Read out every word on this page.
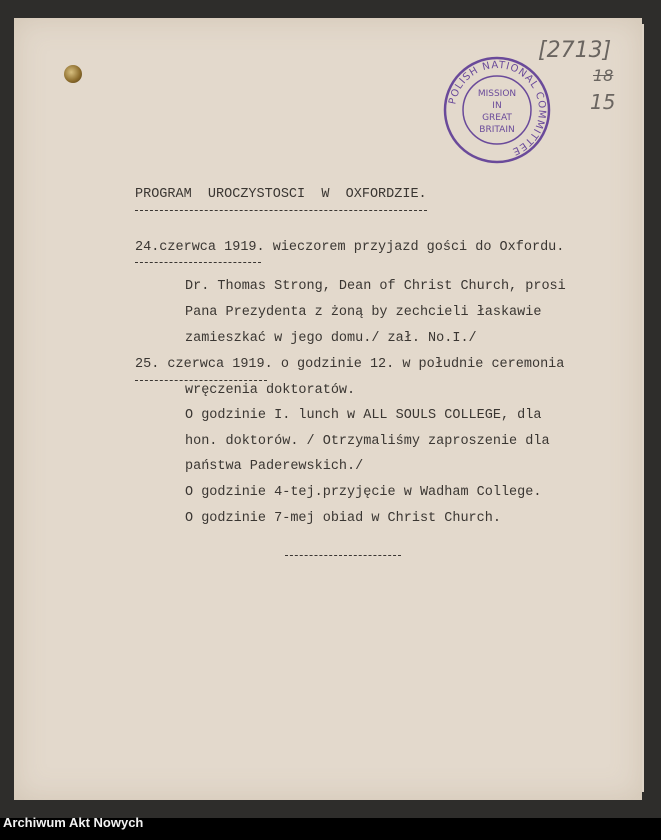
POLISH NATIONAL COMMITTEE
MISSION
IN
GREAT
BRITAIN
[2713]
18
15
PROGRAM  UROCZYSTOSCI  W  OXFORDZIE.
24.czerwca 1919. wieczorem przyjazd gości do Oxfordu.
Dr. Thomas Strong, Dean of Christ Church, prosi
Pana Prezydenta z żoną by zechcieli łaskawie
zamieszkać w jego domu./ zał. No.I./
25. czerwca 1919. o godzinie 12. w południe ceremonia
wręczenia doktoratów.
O godzinie I. lunch w ALL SOULS COLLEGE, dla
hon. doktorów. / Otrzymaliśmy zaproszenie dla
państwa Paderewskich./
O godzinie 4-tej.przyjęcie w Wadham College.
O godzinie 7-mej obiad w Christ Church.
Archiwum Akt Nowych
